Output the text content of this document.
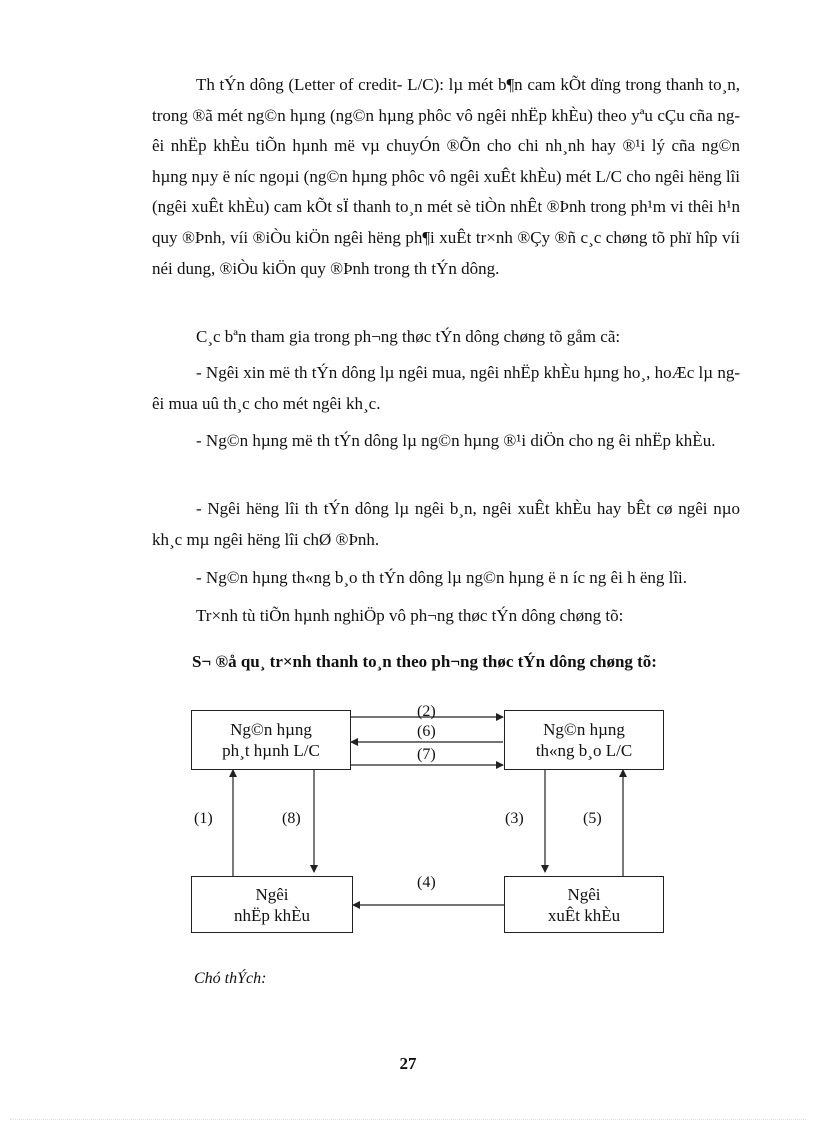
Th tÝn dông (Letter of credit- L/C): lµ mét b¶n cam kÕt dïng trong thanh to¸n, trong ®ã mét ng©n hµng (ng©n hµng phôc vô ngêi nhËp khÈu) theo yªu cÇu cña ngêi nhËp khÈu tiÕn hµnh më vµ chuyÓn ®Õn cho chi nh¸nh hay ®¹i lý cña ng©n hµng nµy ë níc ngoµi (ng©n hµng phôc vô ngêi xuÊt khÈu) mét L/C cho ngêi hëng lîi (ngêi xuÊt khÈu) cam kÕt sÏ thanh to¸n mét sè tiÒn nhÊt ®Þnh trong ph¹m vi thêi h¹n quy ®Þnh, víi ®iÒu kiÖn ngêi hëng ph¶i xuÊt tr×nh ®Çy ®ñ c¸c chøng tõ phï hîp víi néi dung, ®iÒu kiÖn quy ®Þnh trong th tÝn dông.

C¸c bªn tham gia trong ph¬ng thøc tÝn dông chøng tõ gåm cã:

- Ngêi xin më th tÝn dông lµ ngêi mua, ngêi nhËp khÈu hµng ho¸, hoÆc lµ ngêi mua uû th¸c cho mét ngêi kh¸c.

- Ng©n hµng më th tÝn dông lµ ng©n hµng ®¹i diÖn cho ng êi nhËp khÈu.

- Ngêi hëng lîi th tÝn dông lµ ngêi b¸n, ngêi xuÊt khÈu hay bÊt cø ngêi nµo kh¸c mµ ngêi hëng lîi chØ ®Þnh.

- Ng©n hµng th«ng b¸o th tÝn dông lµ ng©n hµng ë n íc ng êi h ëng lîi.
Tr×nh tù tiÕn hµnh nghiÖp vô ph¬ng thøc tÝn dông chøng tõ:
S¬ ®å qu¸ tr×nh thanh to¸n theo ph¬ng thøc tÝn dông chøng tõ:
Ng©n hµng
ph¸t hµnh L/C
Ng©n hµng
th«ng b¸o L/C
Ngêi
nhËp khÈu
Ngêi
xuÊt khÈu
(2)
(6)
(7)
(1)	(8)	(3)	(5)
(4)
Chó thÝch:
27
